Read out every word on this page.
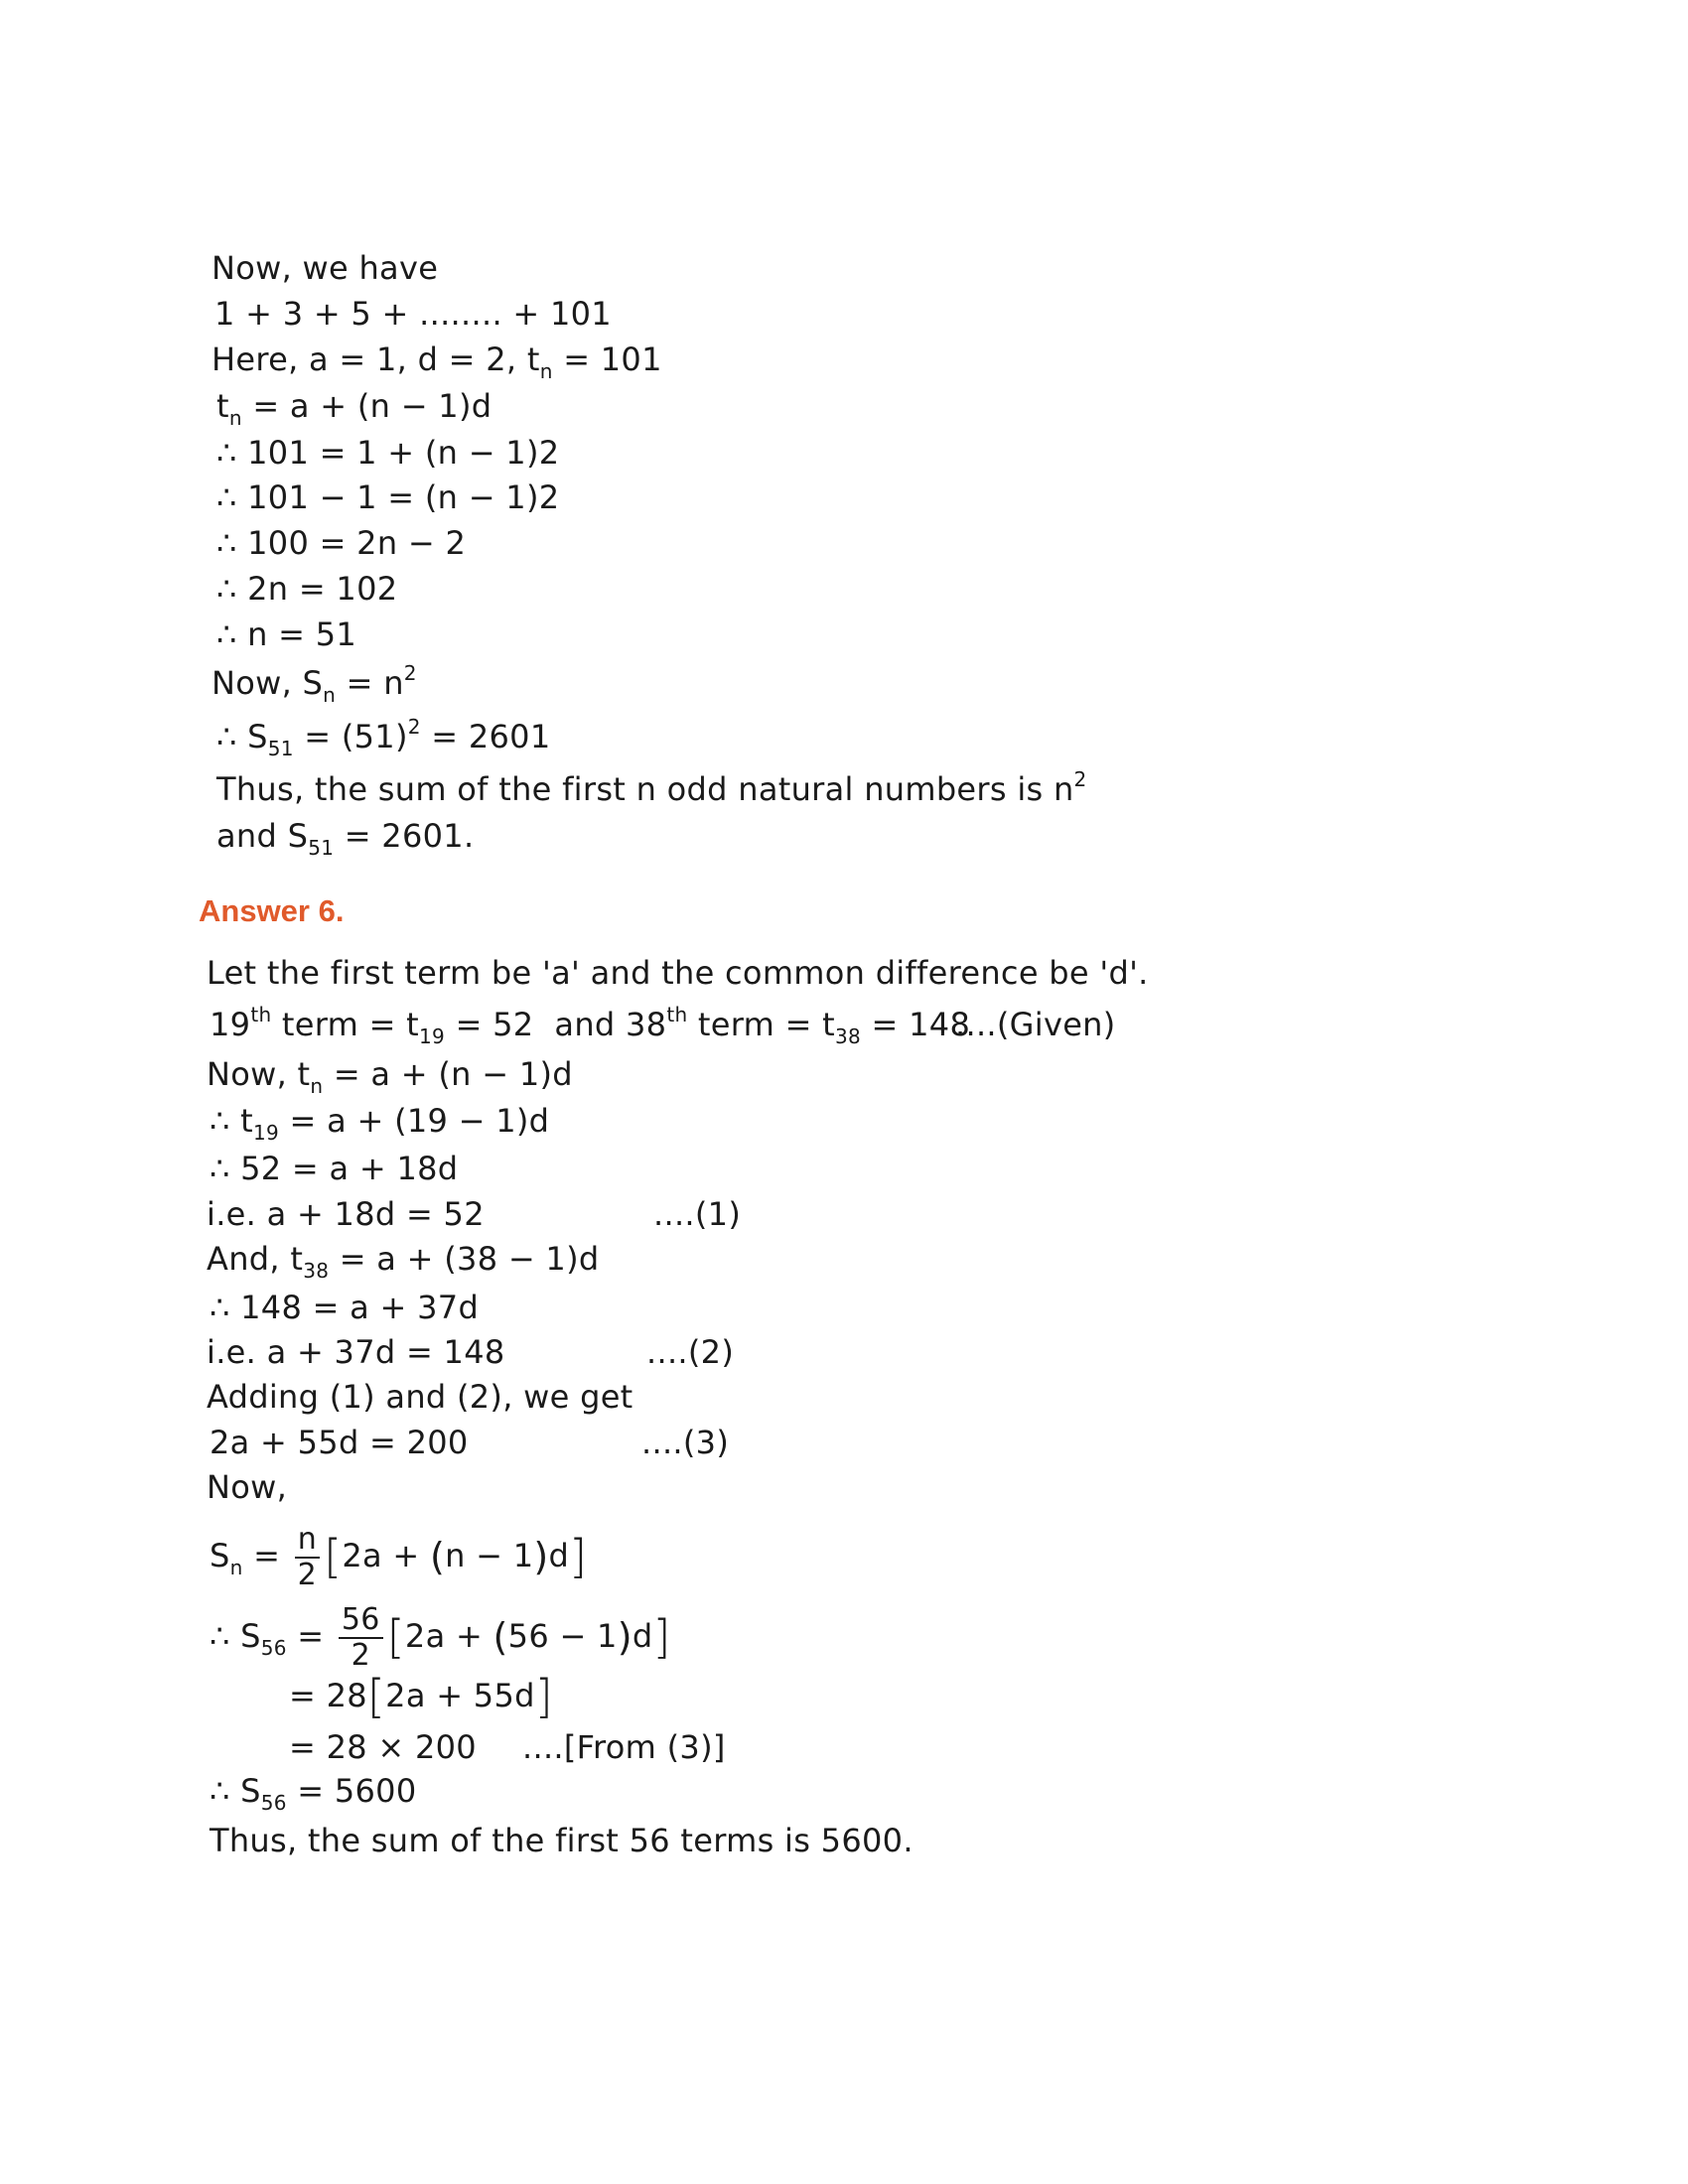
Now, we have
1 + 3 + 5 + ........ + 101
Here, a = 1, d = 2, $t_n = 101$
$t_n = a + (n - 1)d$
∴ 101 = 1 + (n − 1)2
∴ 101 − 1 = (n − 1)2
∴ 100 = 2n − 2
∴ 2n = 102
∴ n = 51
Now, $S_n = n^2$
∴ $S_{51} = (51)^2 = 2601$
Thus, the sum of the first n odd natural numbers is $n^2$
and $S_{51} = 2601$.
Answer 6.
Let the first term be 'a' and the common difference be 'd'.
19th term = $t_{19} = 52$  and 38th term = $t_{38} = 148$
....(Given)
Now, $t_n = a + (n - 1)d$
∴ $t_{19} = a + (19 - 1)d$
∴ 52 = a + 18d
i.e. a + 18d = 52	....(1)
And, $t_{38} = a + (38 - 1)d$
∴ 148 = a + 37d
i.e. a + 37d = 148	....(2)
Adding (1) and (2), we get
2a + 55d = 200	....(3)
Now,
$S_n = \frac{n}{2} [2a + (n - 1)d]$
∴ $S_{56} = \frac{56}{2} [2a + (56 - 1)d]$
= 28[2a + 55d]
= 28 × 200 ....[From (3)]
∴ $S_{56} = 5600$
Thus, the sum of the first 56 terms is 5600.
